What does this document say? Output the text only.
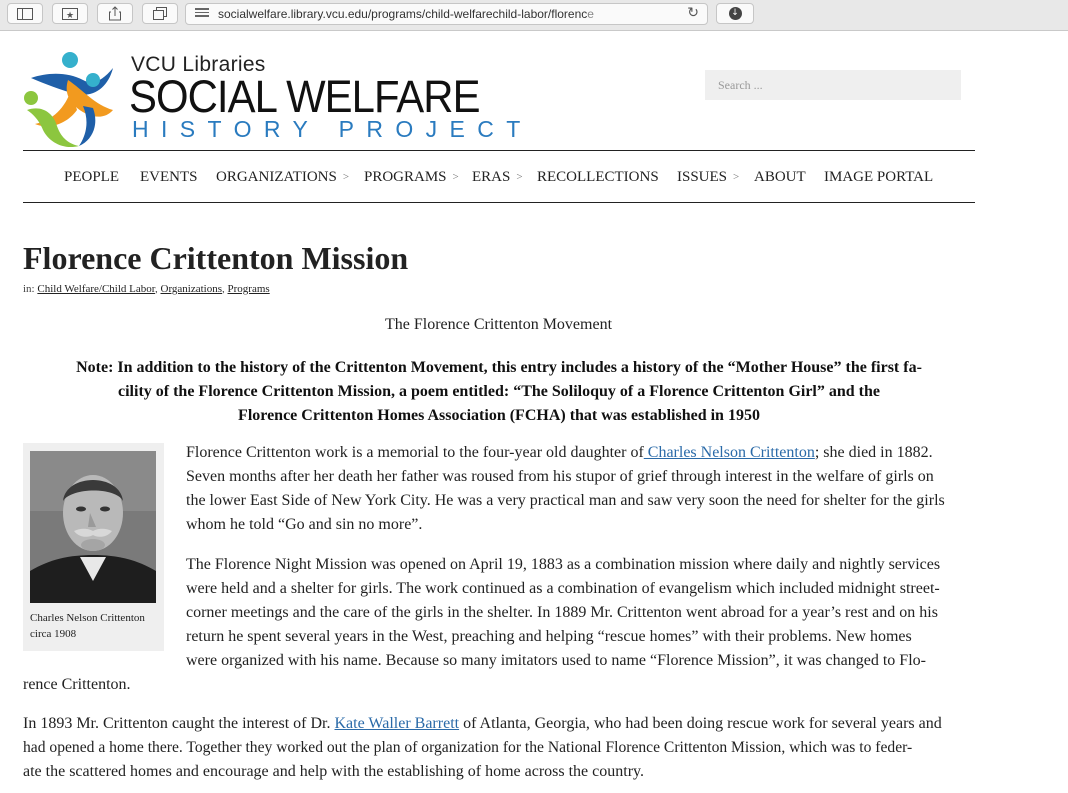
★	socialwelfare.library.vcu.edu/programs/child-welfarechild-labor/florence	↻	↓
VCU Libraries
SOCIAL WELFARE
HISTORY PROJECT
Search ...
PEOPLE EVENTS ORGANIZATIONS > PROGRAMS > ERAS > RECOLLECTIONS ISSUES > ABOUT IMAGE PORTAL
Florence Crittenton Mission
in: Child Welfare/Child Labor, Organizations, Programs
The Florence Crittenton Movement
Note: In addition to the history of the Crittenton Movement, this entry includes a history of the “Mother House” the first fa-
cility of the Florence Crittenton Mission, a poem entitled: “The Soliloquy of a Florence Crittenton Girl” and the
Florence Crittenton Homes Association (FCHA) that was established in 1950
Charles Nelson Crittenton circa 1908
Florence Crittenton work is a memorial to the four-year old daughter of Charles Nelson Crittenton; she died in 1882.
Seven months after her death her father was roused from his stupor of grief through interest in the welfare of girls on
the lower East Side of New York City. He was a very practical man and saw very soon the need for shelter for the girls
whom he told “Go and sin no more”.
The Florence Night Mission was opened on April 19, 1883 as a combination mission where daily and nightly services
were held and a shelter for girls. The work continued as a combination of evangelism which included midnight street-
corner meetings and the care of the girls in the shelter. In 1889 Mr. Crittenton went abroad for a year’s rest and on his
return he spent several years in the West, preaching and helping “rescue homes” with their problems. New homes
were organized with his name. Because so many imitators used to name “Florence Mission”, it was changed to Flo-
rence Crittenton.
In 1893 Mr. Crittenton caught the interest of Dr. Kate Waller Barrett of Atlanta, Georgia, who had been doing rescue work for several years and
had opened a home there. Together they worked out the plan of organization for the National Florence Crittenton Mission, which was to feder-
ate the scattered homes and encourage and help with the establishing of home across the country.
